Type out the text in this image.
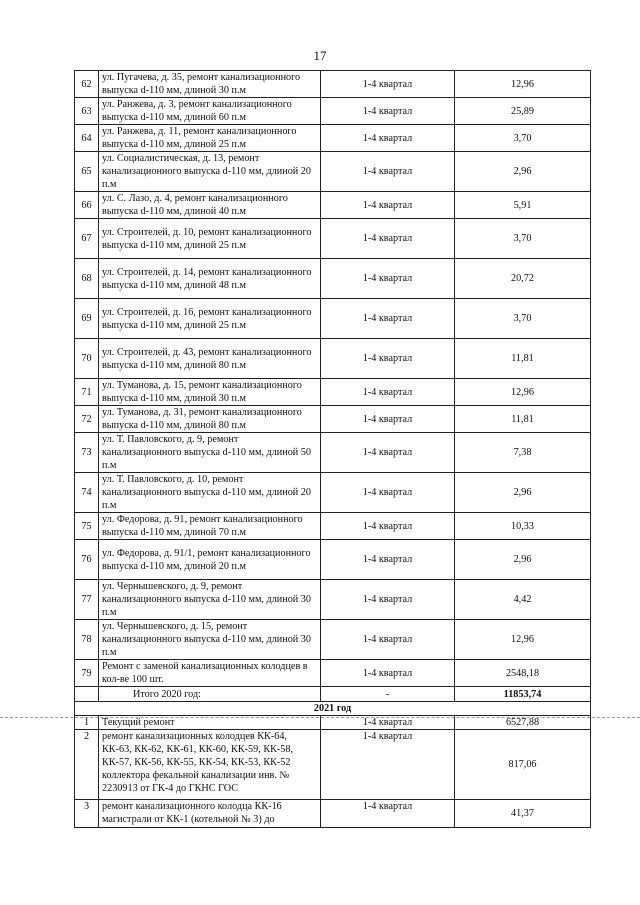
17
62	ул. Пугачева, д. 35, ремонт канализационного выпуска d-110 мм, длиной 30 п.м	1-4 квартал	12,96
63	ул. Ранжева, д. 3, ремонт канализационного выпуска d-110 мм, длиной 60 п.м	1-4 квартал	25,89
64	ул. Ранжева, д. 11, ремонт канализационного выпуска d-110 мм, длиной 25 п.м	1-4 квартал	3,70
65	ул. Социалистическая, д. 13, ремонт канализационного выпуска d-110 мм, длиной 20 п.м	1-4 квартал	2,96
66	ул. С. Лазо, д. 4, ремонт канализационного выпуска d-110 мм, длиной 40 п.м	1-4 квартал	5,91
67	ул. Строителей, д. 10, ремонт канализационного выпуска d-110 мм, длиной 25 п.м	1-4 квартал	3,70
68	ул. Строителей, д. 14, ремонт канализационного выпуска d-110 мм, длиной 48 п.м	1-4 квартал	20,72
69	ул. Строителей, д. 16, ремонт канализационного выпуска d-110 мм, длиной 25 п.м	1-4 квартал	3,70
70	ул. Строителей, д. 43, ремонт канализационного выпуска d-110 мм, длиной 80 п.м	1-4 квартал	11,81
71	ул. Туманова, д. 15, ремонт канализационного выпуска d-110 мм, длиной 30 п.м	1-4 квартал	12,96
72	ул. Туманова, д. 31, ремонт канализационного выпуска d-110 мм, длиной 80 п.м	1-4 квартал	11,81
73	ул. Т. Павловского, д. 9, ремонт канализационного выпуска d-110 мм, длиной 50 п.м	1-4 квартал	7,38
74	ул. Т. Павловского, д. 10, ремонт канализационного выпуска d-110 мм, длиной 20 п.м	1-4 квартал	2,96
75	ул. Федорова, д. 91, ремонт канализационного выпуска d-110 мм, длиной 70 п.м	1-4 квартал	10,33
76	ул. Федорова, д. 91/1, ремонт канализационного выпуска d-110 мм, длиной 20 п.м	1-4 квартал	2,96
77	ул. Чернышевского, д. 9, ремонт канализационного выпуска d-110 мм, длиной 30 п.м	1-4 квартал	4,42
78	ул. Чернышевского, д. 15, ремонт канализационного выпуска d-110 мм, длиной 30 п.м	1-4 квартал	12,96
79	Ремонт с заменой канализационных колодцев в кол-ве 100 шт.	1-4 квартал	2548,18
	Итого 2020 год:	-	11853,74
2021 год			
1	Текущий ремонт	1-4 квартал	6527,88
2	ремонт канализационных колодцев КК-64, КК-63, КК-62, КК-61, КК-60, КК-59, КК-58, КК-57, КК-56, КК-55, КК-54, КК-53, КК-52 коллектора фекальной канализации инв. № 2230913 от ГК-4 до ГКНС ГОС	1-4 квартал	817,06
3	ремонт канализационного колодца КК-16 магистрали от КК-1 (котельной № 3) до	1-4 квартал	41,37
